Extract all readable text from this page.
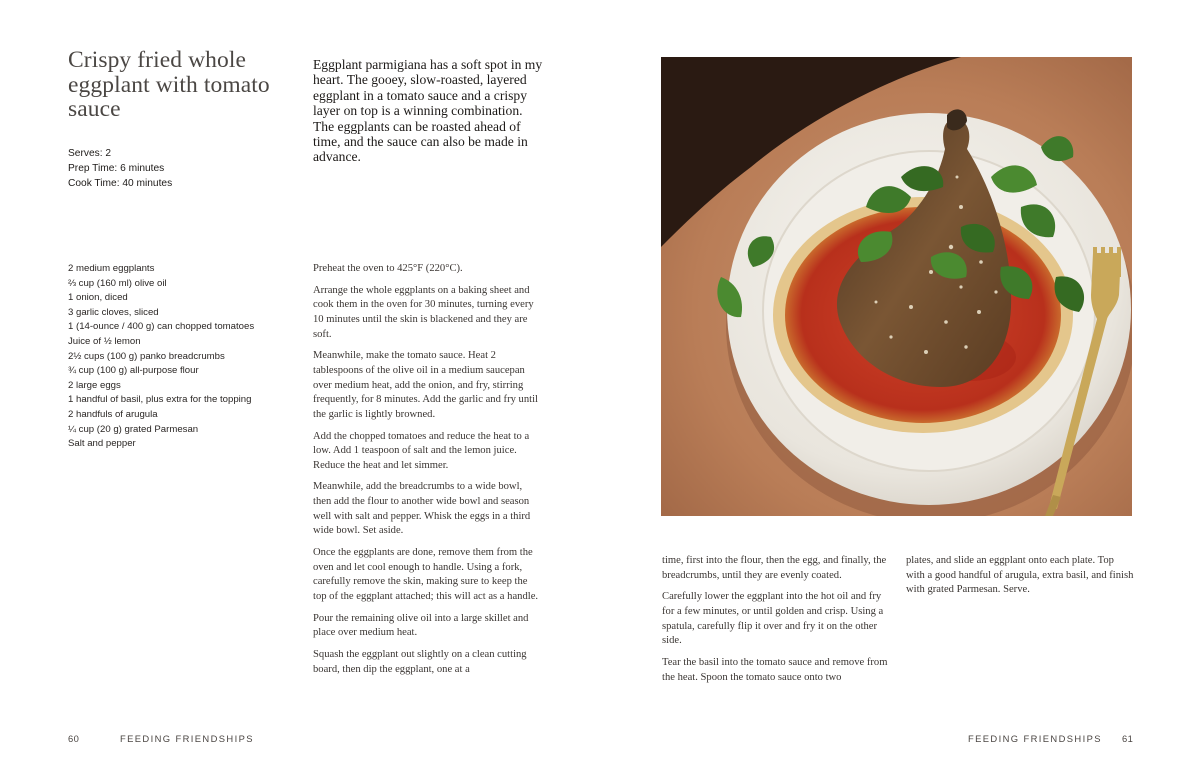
Crispy fried whole eggplant with tomato sauce
Serves: 2
Prep Time: 6 minutes
Cook Time: 40 minutes
Eggplant parmigiana has a soft spot in my heart. The gooey, slow-roasted, layered eggplant in a tomato sauce and a crispy layer on top is a winning combination. The eggplants can be roasted ahead of time, and the sauce can also be made in advance.
2 medium eggplants
⅔ cup (160 ml) olive oil
1 onion, diced
3 garlic cloves, sliced
1 (14-ounce / 400 g) can chopped tomatoes
Juice of ½ lemon
2½ cups (100 g) panko breadcrumbs
¾ cup (100 g) all-purpose flour
2 large eggs
1 handful of basil, plus extra for the topping
2 handfuls of arugula
¼ cup (20 g) grated Parmesan
Salt and pepper

Preheat the oven to 425°F (220°C).

Arrange the whole eggplants on a baking sheet and cook them in the oven for 30 minutes, turning every 10 minutes until the skin is blackened and they are soft.

Meanwhile, make the tomato sauce. Heat 2 tablespoons of the olive oil in a medium saucepan over medium heat, add the onion, and fry, stirring frequently, for 8 minutes. Add the garlic and fry until the garlic is lightly browned.

Add the chopped tomatoes and reduce the heat to a low. Add 1 teaspoon of salt and the lemon juice. Reduce the heat and let simmer.

Meanwhile, add the breadcrumbs to a wide bowl, then add the flour to another wide bowl and season well with salt and pepper. Whisk the eggs in a third wide bowl. Set aside.

Once the eggplants are done, remove them from the oven and let cool enough to handle. Using a fork, carefully remove the skin, making sure to keep the top of the eggplant attached; this will act as a handle.

Pour the remaining olive oil into a large skillet and place over medium heat.

Squash the eggplant out slightly on a clean cutting board, then dip the eggplant, one at a

60	FEEDING FRIENDSHIPS

time, first into the flour, then the egg, and finally, the breadcrumbs, until they are evenly coated.

Carefully lower the eggplant into the hot oil and fry for a few minutes, or until golden and crisp. Using a spatula, carefully flip it over and fry it on the other side.

Tear the basil into the tomato sauce and remove from the heat. Spoon the tomato sauce onto two

plates, and slide an eggplant onto each plate. Top with a good handful of arugula, extra basil, and finish with grated Parmesan. Serve.

FEEDING FRIENDSHIPS 61
